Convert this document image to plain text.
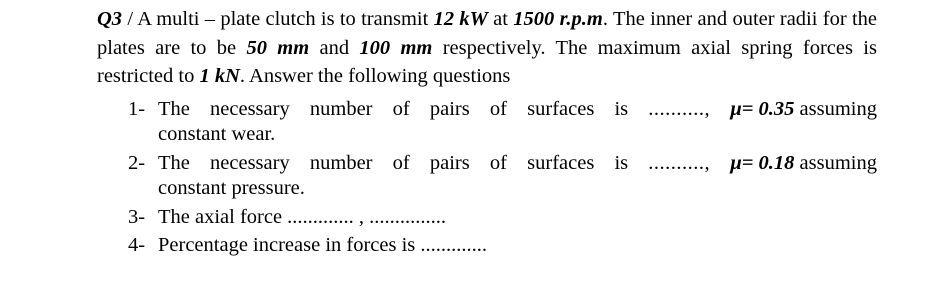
Q3 / A multi – plate clutch is to transmit 12 kW at 1500 r.p.m. The inner and outer radii for the plates are to be 50 mm and 100 mm respectively. The maximum axial spring forces is restricted to 1 kN. Answer the following questions

1- The necessary number of pairs of surfaces is .........., μ= 0.35 assuming
constant wear.
2- The necessary number of pairs of surfaces is .........., μ= 0.18 assuming
constant pressure.
3- The axial force ............. , ...............
4- Percentage increase in forces is .............
